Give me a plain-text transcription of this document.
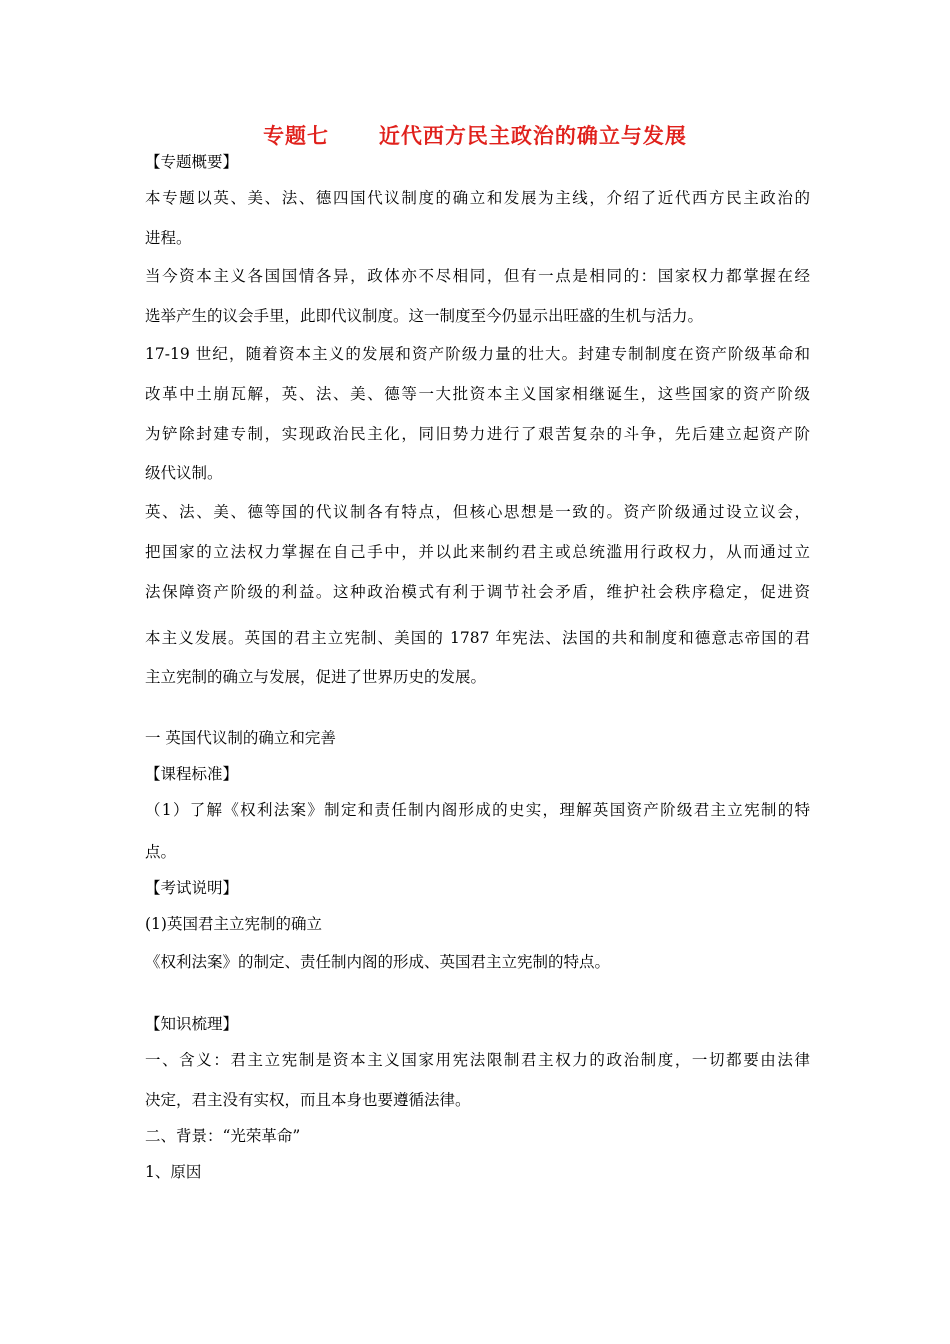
专题七      近代西方民主政治的确立与发展
【专题概要】
本专题以英、美、法、德四国代议制度的确立和发展为主线，介绍了近代西方民主政治的
进程。
当今资本主义各国国情各异，政体亦不尽相同，但有一点是相同的：国家权力都掌握在经
选举产生的议会手里，此即代议制度。这一制度至今仍显示出旺盛的生机与活力。
17-19 世纪，随着资本主义的发展和资产阶级力量的壮大。封建专制制度在资产阶级革命和
改革中土崩瓦解，英、法、美、德等一大批资本主义国家相继诞生，这些国家的资产阶级
为铲除封建专制，实现政治民主化，同旧势力进行了艰苦复杂的斗争，先后建立起资产阶
级代议制。
英、法、美、德等国的代议制各有特点，但核心思想是一致的。资产阶级通过设立议会，
把国家的立法权力掌握在自己手中，并以此来制约君主或总统滥用行政权力，从而通过立
法保障资产阶级的利益。这种政治模式有利于调节社会矛盾，维护社会秩序稳定，促进资
本主义发展。英国的君主立宪制、美国的 1787 年宪法、法国的共和制度和德意志帝国的君
主立宪制的确立与发展，促进了世界历史的发展。
一 英国代议制的确立和完善
【课程标准】
（1）了解《权利法案》制定和责任制内阁形成的史实，理解英国资产阶级君主立宪制的特
点。
【考试说明】
(1)英国君主立宪制的确立
《权利法案》的制定、责任制内阁的形成、英国君主立宪制的特点。
【知识梳理】
一、含义：君主立宪制是资本主义国家用宪法限制君主权力的政治制度，一切都要由法律
决定，君主没有实权，而且本身也要遵循法律。
二、背景：“光荣革命”
1、原因
